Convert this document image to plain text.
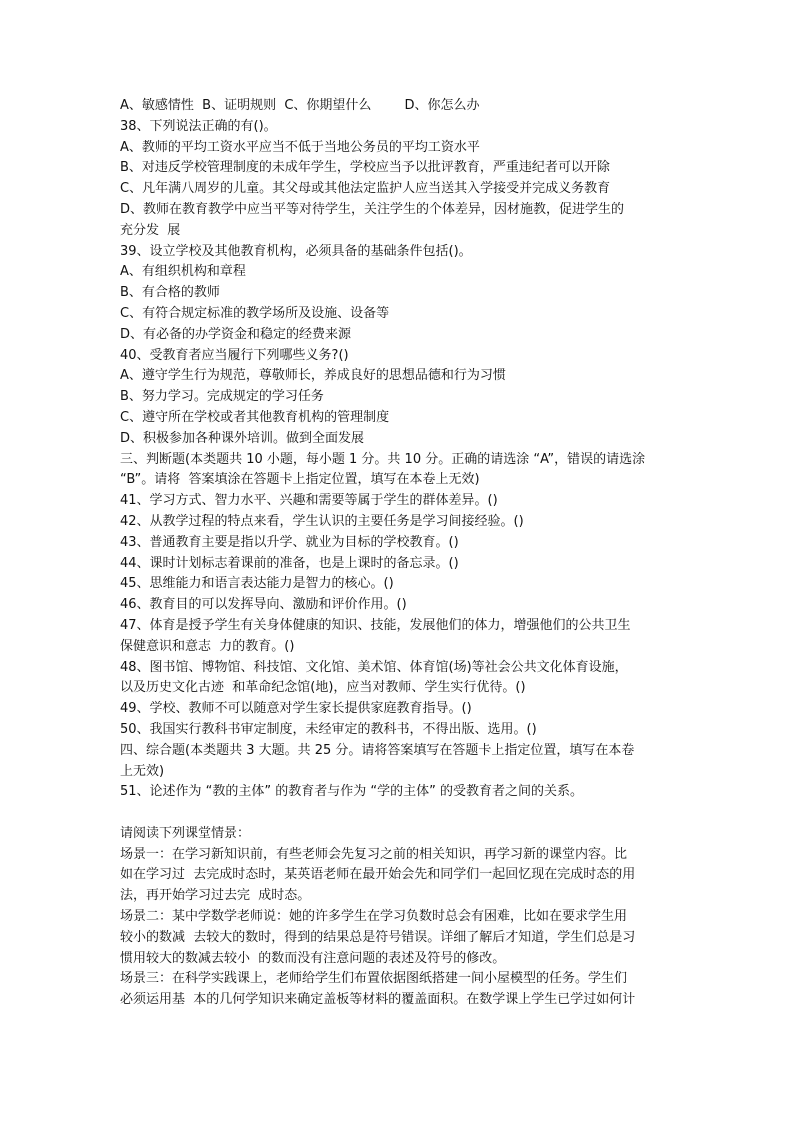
A、敏感情性  B、证明规则  C、你期望什么        D、你怎么办
38、下列说法正确的有()。
A、教师的平均工资水平应当不低于当地公务员的平均工资水平
B、对违反学校管理制度的未成年学生，学校应当予以批评教育，严重违纪者可以开除
C、凡年满八周岁的儿童。其父母或其他法定监护人应当送其入学接受并完成义务教育
D、教师在教育教学中应当平等对待学生，关注学生的个体差异，因材施教，促进学生的
充分发  展
39、设立学校及其他教育机构，必须具备的基础条件包括()。
A、有组织机构和章程
B、有合格的教师
C、有符合规定标准的教学场所及设施、设备等
D、有必备的办学资金和稳定的经费来源
40、受教育者应当履行下列哪些义务?()
A、遵守学生行为规范，尊敬师长，养成良好的思想品德和行为习惯
B、努力学习。完成规定的学习任务
C、遵守所在学校或者其他教育机构的管理制度
D、积极参加各种课外培训。做到全面发展
三、判断题(本类题共 10 小题，每小题 1 分。共 10 分。正确的请选涂 “A”，错误的请选涂
“B”。请将  答案填涂在答题卡上指定位置，填写在本卷上无效)
41、学习方式、智力水平、兴趣和需要等属于学生的群体差异。()
42、从教学过程的特点来看，学生认识的主要任务是学习间接经验。()
43、普通教育主要是指以升学、就业为目标的学校教育。()
44、课时计划标志着课前的准备，也是上课时的备忘录。()
45、思维能力和语言表达能力是智力的核心。()
46、教育目的可以发挥导向、激励和评价作用。()
47、体育是授予学生有关身体健康的知识、技能，发展他们的体力，增强他们的公共卫生
保健意识和意志  力的教育。()
48、图书馆、博物馆、科技馆、文化馆、美术馆、体育馆(场)等社会公共文化体育设施，
以及历史文化古迹  和革命纪念馆(地)，应当对教师、学生实行优待。()
49、学校、教师不可以随意对学生家长提供家庭教育指导。()
50、我国实行教科书审定制度，未经审定的教科书，不得出版、选用。()
四、综合题(本类题共 3 大题。共 25 分。请将答案填写在答题卡上指定位置，填写在本卷
上无效)
51、论述作为 “教的主体” 的教育者与作为 “学的主体” 的受教育者之间的关系。
请阅读下列课堂情景：
场景一：在学习新知识前，有些老师会先复习之前的相关知识，再学习新的课堂内容。比
如在学习过  去完成时态时，某英语老师在最开始会先和同学们一起回忆现在完成时态的用
法，再开始学习过去完  成时态。
场景二：某中学数学老师说：她的许多学生在学习负数时总会有困难，比如在要求学生用
较小的数减  去较大的数时，得到的结果总是符号错误。详细了解后才知道，学生们总是习
惯用较大的数减去较小  的数而没有注意问题的表述及符号的修改。
场景三：在科学实践课上，老师给学生们布置依据图纸搭建一间小屋模型的任务。学生们
必须运用基  本的几何学知识来确定盖板等材料的覆盖面积。在数学课上学生已学过如何计
